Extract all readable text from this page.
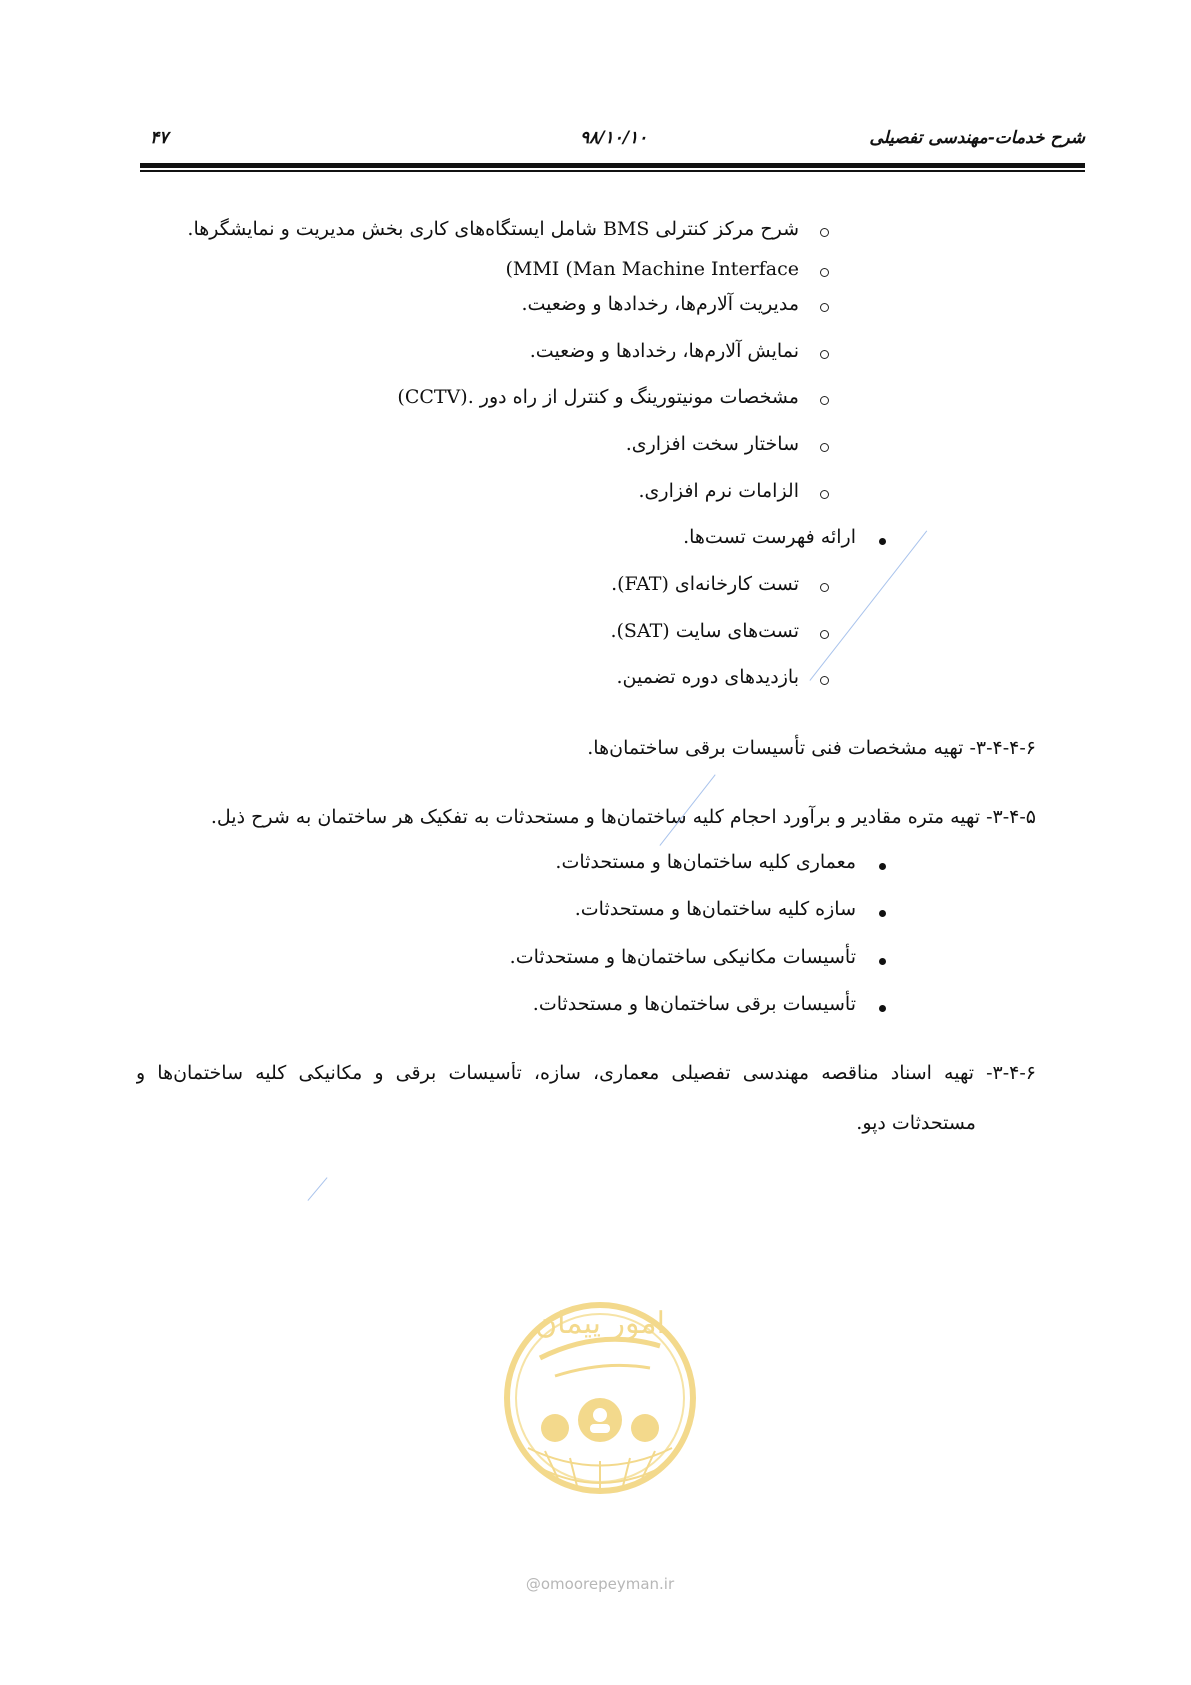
شرح خدمات-مهندسی تفصیلی
۹۸/۱۰/۱۰
۴۷
شرح مرکز کنترلی BMS شامل ایستگاه‌های کاری بخش مدیریت و نمایشگرها.
(MMI (Man Machine Interface
مدیریت آلارم‌ها، رخدادها و وضعیت.
نمایش آلارم‌ها، رخدادها و وضعیت.
مشخصات مونیتورینگ و کنترل از راه دور .(CCTV)
ساختار سخت افزاری.
الزامات نرم افزاری.
ارائه فهرست تست‌ها.
تست کارخانه‌ای (FAT).
تست‌های سایت (SAT).
بازدیدهای دوره تضمین.
۳-۴-۴-۶- تهیه مشخصات فنی تأسیسات برقی ساختمان‌ها.
۳-۴-۵- تهیه متره مقادیر و برآورد احجام کلیه ساختمان‌ها و مستحدثات به تفکیک هر ساختمان به شرح ذیل.
معماری کلیه ساختمان‌ها و مستحدثات.
سازه کلیه ساختمان‌ها و مستحدثات.
تأسیسات مکانیکی ساختمان‌ها و مستحدثات.
تأسیسات برقی ساختمان‌ها و مستحدثات.
۳-۴-۶- تهیه اسناد مناقصه مهندسی تفصیلی معماری، سازه، تأسیسات برقی و مکانیکی کلیه ساختمان‌ها و
مستحدثات دپو.
امور پیمان
@omoorepeyman.ir
